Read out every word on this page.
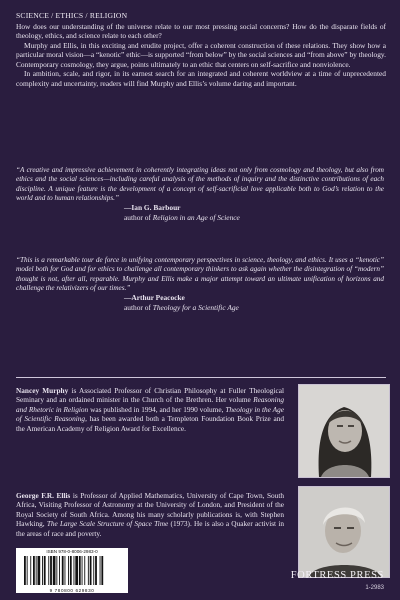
SCIENCE / ETHICS / RELIGION

How does our understanding of the universe relate to our most pressing social concerns? How do the disparate fields of theology, ethics, and science relate to each other?

Murphy and Ellis, in this exciting and erudite project, offer a coherent construction of these relations. They show how a particular moral vision—a “kenotic” ethic—is supported “from below” by the social sciences and “from above” by theology. Contemporary cosmology, they argue, points ultimately to an ethic that centers on self-sacrifice and nonviolence.

In ambition, scale, and rigor, in its earnest search for an integrated and coherent worldview at a time of unprecedented complexity and uncertainty, readers will find Murphy and Ellis’s volume daring and important.

“A creative and impressive achievement in coherently integrating ideas not only from cosmology and theology, but also from ethics and the social sciences—including careful analysis of the methods of inquiry and the distinctive contributions of each discipline. A unique feature is the development of a concept of self-sacrificial love applicable both to God’s relation to the world and to human relationships.”

—Ian G. Barbour
author of Religion in an Age of Science

“This is a remarkable tour de force in unifying contemporary perspectives in science, theology, and ethics. It uses a “kenotic” model both for God and for ethics to challenge all contemporary thinkers to ask again whether the disintegration of “modern” thought is not, after all, reparable. Murphy and Ellis make a major attempt toward an ultimate unification of horizons and challenge the relativizers of our times.”

—Arthur Peacocke
author of Theology for a Scientific Age
Nancey Murphy is Associated Professor of Christian Philosophy at Fuller Theological Seminary and an ordained minister in the Church of the Brethren. Her volume Reasoning and Rhetoric in Religion was published in 1994, and her 1990 volume, Theology in the Age of Scientific Reasoning, has been awarded both a Templeton Foundation Book Prize and the American Academy of Religion Award for Excellence.
George F.R. Ellis is Professor of Applied Mathematics, University of Cape Town, South Africa, Visiting Professor of Astronomy at the University of London, and President of the Royal Society of South Africa. Among his many scholarly publications is, with Stephen Hawking, The Large Scale Structure of Space Time (1973). He is also a Quaker activist in the areas of race and poverty.
ISBN 978-0-8006-2983-0
9 780800 629830
FORTRESS PRESS
1-2983
